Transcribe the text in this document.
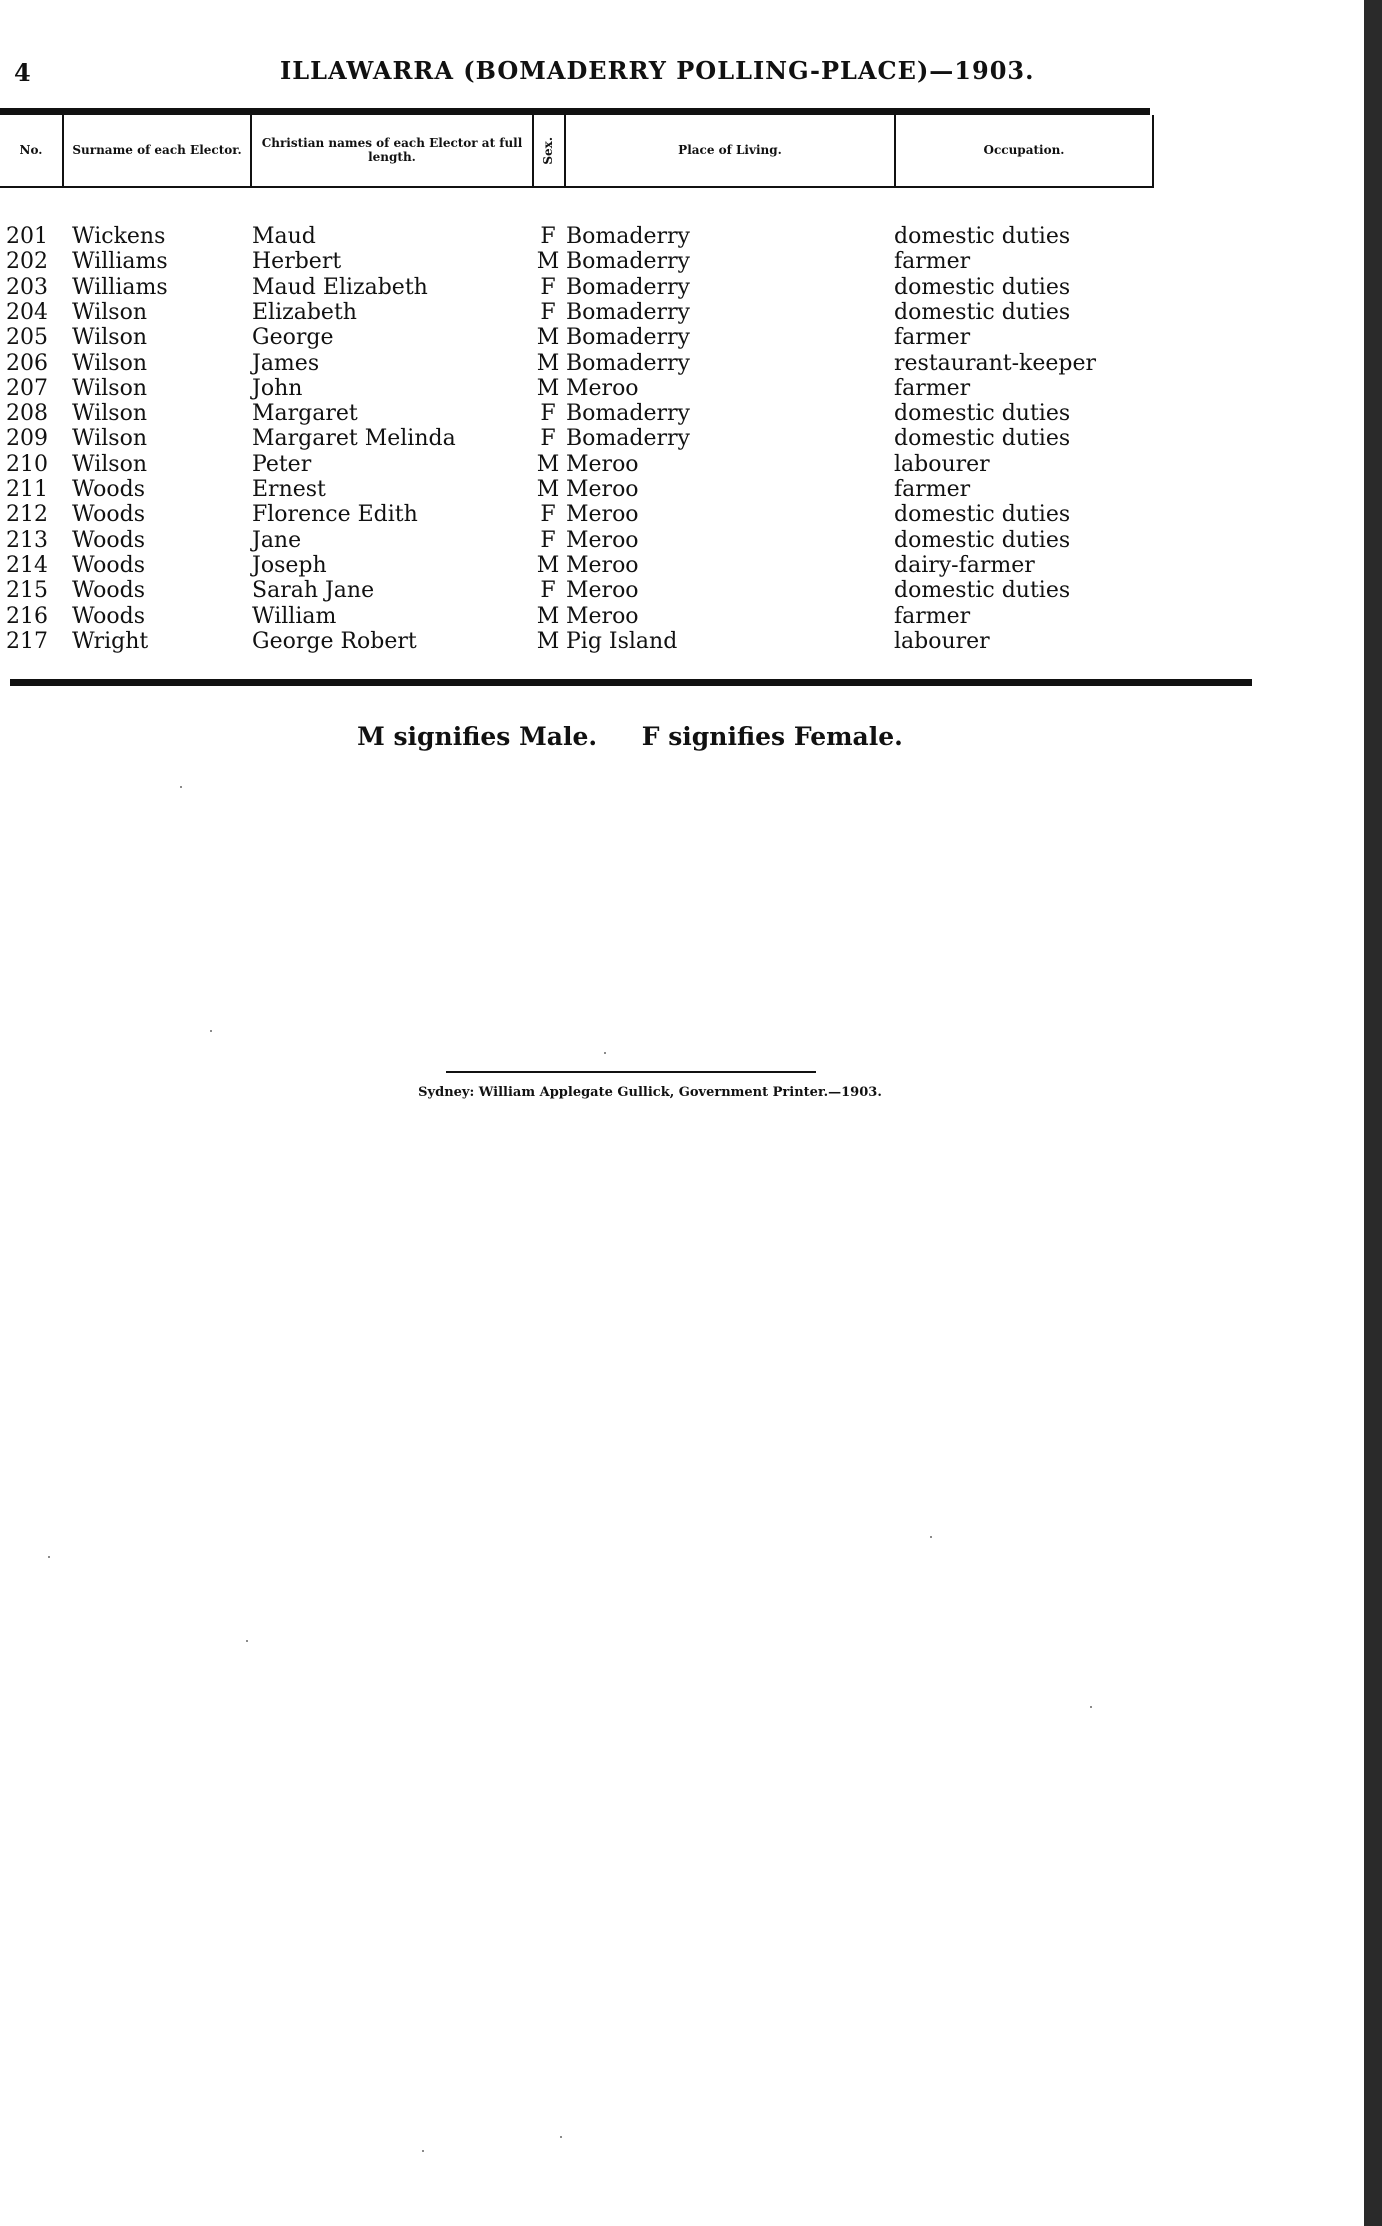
4	ILLAWARRA (BOMADERRY POLLING-PLACE)—1903.
No.	Surname of each Elector.	Christian names of each Elector at full length.	Sex.	Place of Living.	Occupation.
201 Wickens	Maud	F Bomaderry	domestic duties
202 Williams	Herbert	M Bomaderry	farmer
203 Williams	Maud Elizabeth	F Bomaderry	domestic duties
204 Wilson	Elizabeth	F Bomaderry	domestic duties
205 Wilson	George	M Bomaderry	farmer
206 Wilson	James	M Bomaderry	restaurant-keeper
207 Wilson	John	M Meroo	farmer
208 Wilson	Margaret	F Bomaderry	domestic duties
209 Wilson	Margaret Melinda	F Bomaderry	domestic duties
210 Wilson	Peter	M Meroo	labourer
211 Woods	Ernest	M Meroo	farmer
212 Woods	Florence Edith	F Meroo	domestic duties
213 Woods	Jane	F Meroo	domestic duties
214 Woods	Joseph	M Meroo	dairy-farmer
215 Woods	Sarah Jane	F Meroo	domestic duties
216 Woods	William	M Meroo	farmer
217 Wright	George Robert	M Pig Island	labourer
M signifies Male. F signifies Female.
Sydney: William Applegate Gullick, Government Printer.—1903.
